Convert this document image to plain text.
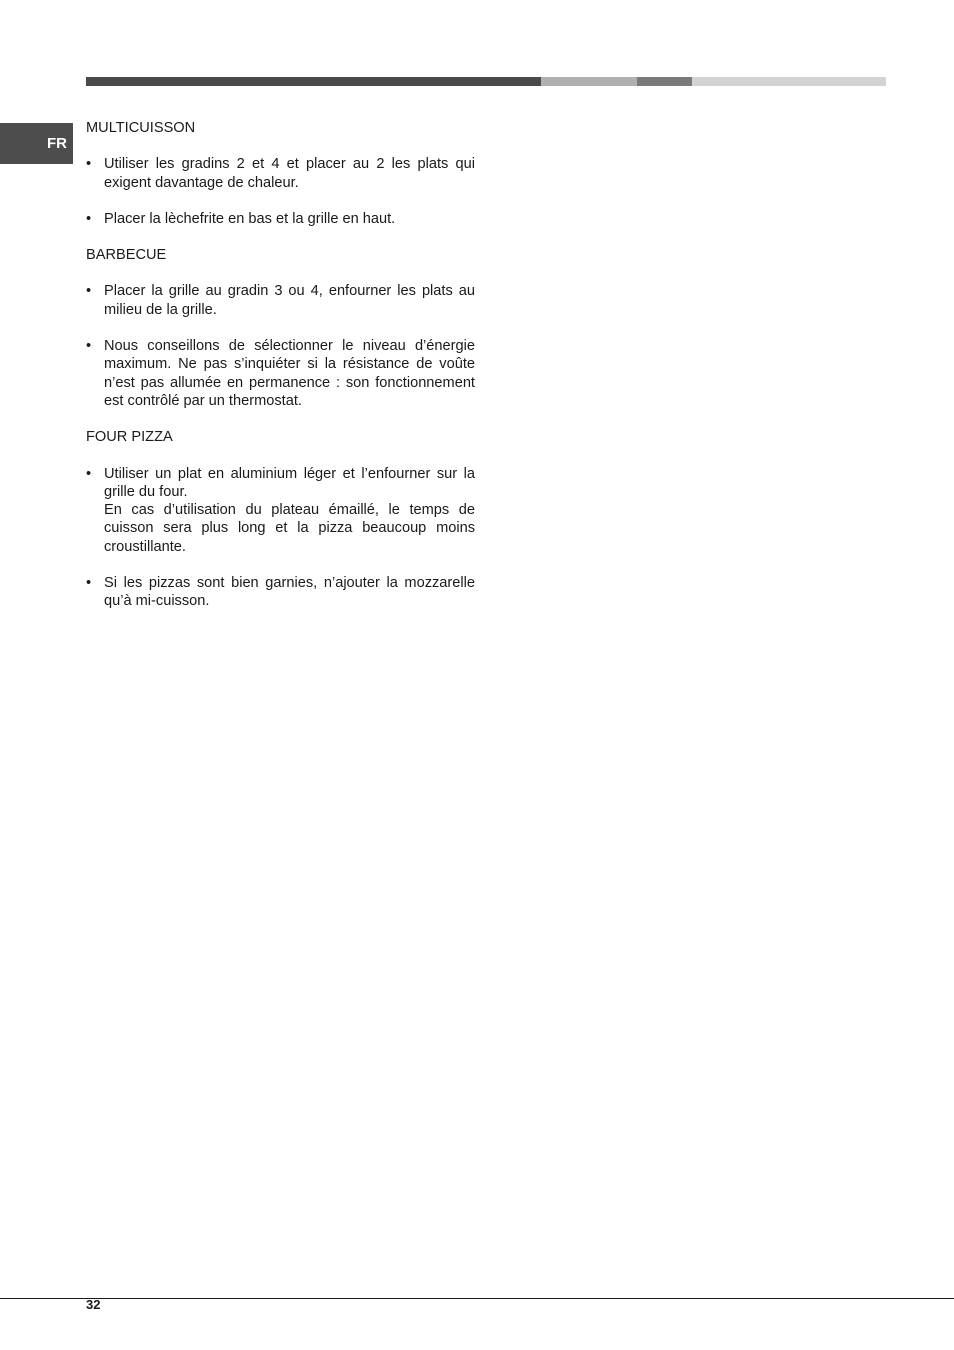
FR
MULTICUISSON
• Utiliser les gradins 2 et 4 et placer au 2 les plats qui exigent davantage de chaleur.
• Placer la lèchefrite en bas et la grille en haut.
BARBECUE
• Placer la grille au gradin 3 ou 4, enfourner les plats au milieu de la grille.
• Nous conseillons de sélectionner le niveau d’énergie maximum. Ne pas s’inquiéter si la résistance de voûte n’est pas allumée en permanence : son fonctionnement est contrôlé par un thermostat.
FOUR PIZZA
• Utiliser un plat en aluminium léger et l’enfourner sur la grille du four.
En cas d’utilisation du plateau émaillé, le temps de cuisson sera plus long et la pizza beaucoup moins croustillante.
• Si les pizzas sont bien garnies, n’ajouter la mozzarelle qu’à mi-cuisson.
32
